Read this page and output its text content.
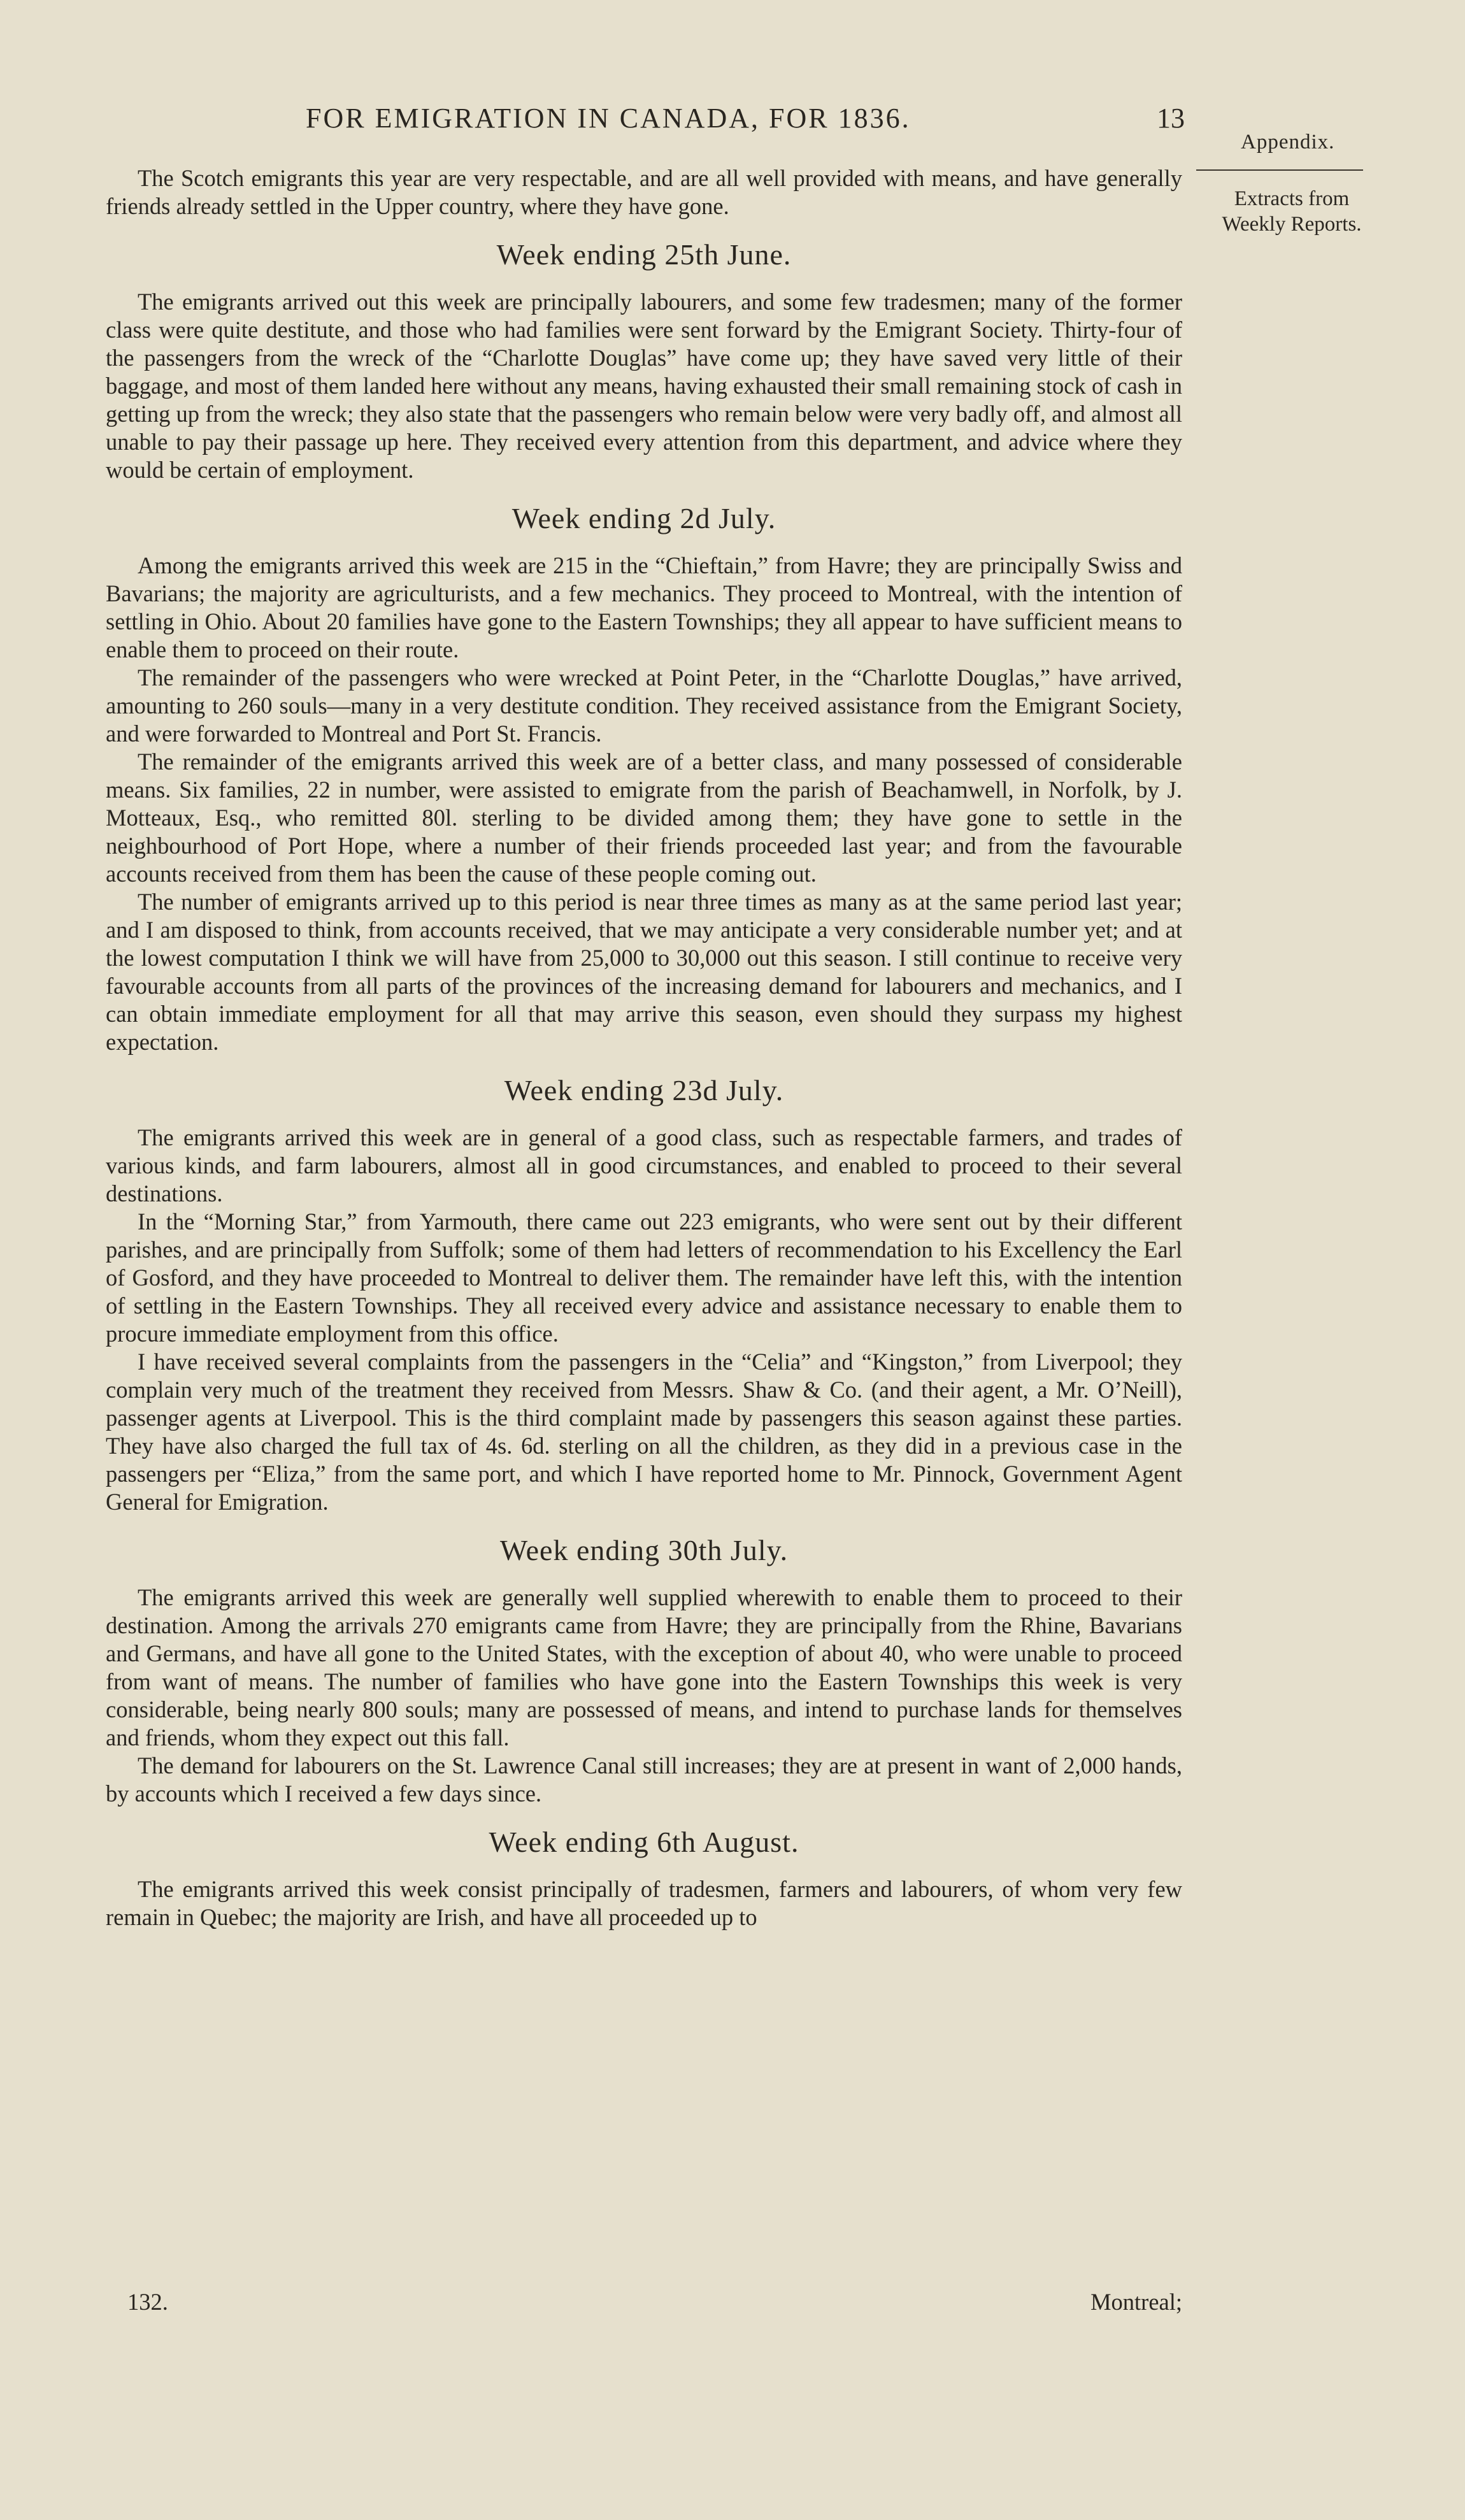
FOR EMIGRATION IN CANADA, FOR 1836.	13
Appendix.
Extracts from
Weekly Reports.

The Scotch emigrants this year are very respectable, and are all well provided with means, and have generally friends already settled in the Upper country, where they have gone.

Week ending 25th June.

The emigrants arrived out this week are principally labourers, and some few tradesmen; many of the former class were quite destitute, and those who had families were sent forward by the Emigrant Society. Thirty-four of the passengers from the wreck of the “Charlotte Douglas” have come up; they have saved very little of their baggage, and most of them landed here without any means, having exhausted their small remaining stock of cash in getting up from the wreck; they also state that the passengers who remain below were very badly off, and almost all unable to pay their passage up here. They received every attention from this department, and advice where they would be certain of employment.

Week ending 2d July.

Among the emigrants arrived this week are 215 in the “Chieftain,” from Havre; they are principally Swiss and Bavarians; the majority are agriculturists, and a few mechanics. They proceed to Montreal, with the intention of settling in Ohio. About 20 families have gone to the Eastern Townships; they all appear to have sufficient means to enable them to proceed on their route.

The remainder of the passengers who were wrecked at Point Peter, in the “Charlotte Douglas,” have arrived, amounting to 260 souls—many in a very destitute condition. They received assistance from the Emigrant Society, and were forwarded to Montreal and Port St. Francis.

The remainder of the emigrants arrived this week are of a better class, and many possessed of considerable means. Six families, 22 in number, were assisted to emigrate from the parish of Beachamwell, in Norfolk, by J. Motteaux, Esq., who remitted 80l. sterling to be divided among them; they have gone to settle in the neighbourhood of Port Hope, where a number of their friends proceeded last year; and from the favourable accounts received from them has been the cause of these people coming out.

The number of emigrants arrived up to this period is near three times as many as at the same period last year; and I am disposed to think, from accounts received, that we may anticipate a very considerable number yet; and at the lowest computation I think we will have from 25,000 to 30,000 out this season. I still continue to receive very favourable accounts from all parts of the provinces of the increasing demand for labourers and mechanics, and I can obtain immediate employment for all that may arrive this season, even should they surpass my highest expectation.

Week ending 23d July.

The emigrants arrived this week are in general of a good class, such as respectable farmers, and trades of various kinds, and farm labourers, almost all in good circumstances, and enabled to proceed to their several destinations.

In the “Morning Star,” from Yarmouth, there came out 223 emigrants, who were sent out by their different parishes, and are principally from Suffolk; some of them had letters of recommendation to his Excellency the Earl of Gosford, and they have proceeded to Montreal to deliver them. The remainder have left this, with the intention of settling in the Eastern Townships. They all received every advice and assistance necessary to enable them to procure immediate employment from this office.

I have received several complaints from the passengers in the “Celia” and “Kingston,” from Liverpool; they complain very much of the treatment they received from Messrs. Shaw & Co. (and their agent, a Mr. O’Neill), passenger agents at Liverpool. This is the third complaint made by passengers this season against these parties. They have also charged the full tax of 4s. 6d. sterling on all the children, as they did in a previous case in the passengers per “Eliza,” from the same port, and which I have reported home to Mr. Pinnock, Government Agent General for Emigration.

Week ending 30th July.

The emigrants arrived this week are generally well supplied wherewith to enable them to proceed to their destination. Among the arrivals 270 emigrants came from Havre; they are principally from the Rhine, Bavarians and Germans, and have all gone to the United States, with the exception of about 40, who were unable to proceed from want of means. The number of families who have gone into the Eastern Townships this week is very considerable, being nearly 800 souls; many are possessed of means, and intend to purchase lands for themselves and friends, whom they expect out this fall.

The demand for labourers on the St. Lawrence Canal still increases; they are at present in want of 2,000 hands, by accounts which I received a few days since.

Week ending 6th August.

The emigrants arrived this week consist principally of tradesmen, farmers and labourers, of whom very few remain in Quebec; the majority are Irish, and have all proceeded up to

132.	Montreal;
